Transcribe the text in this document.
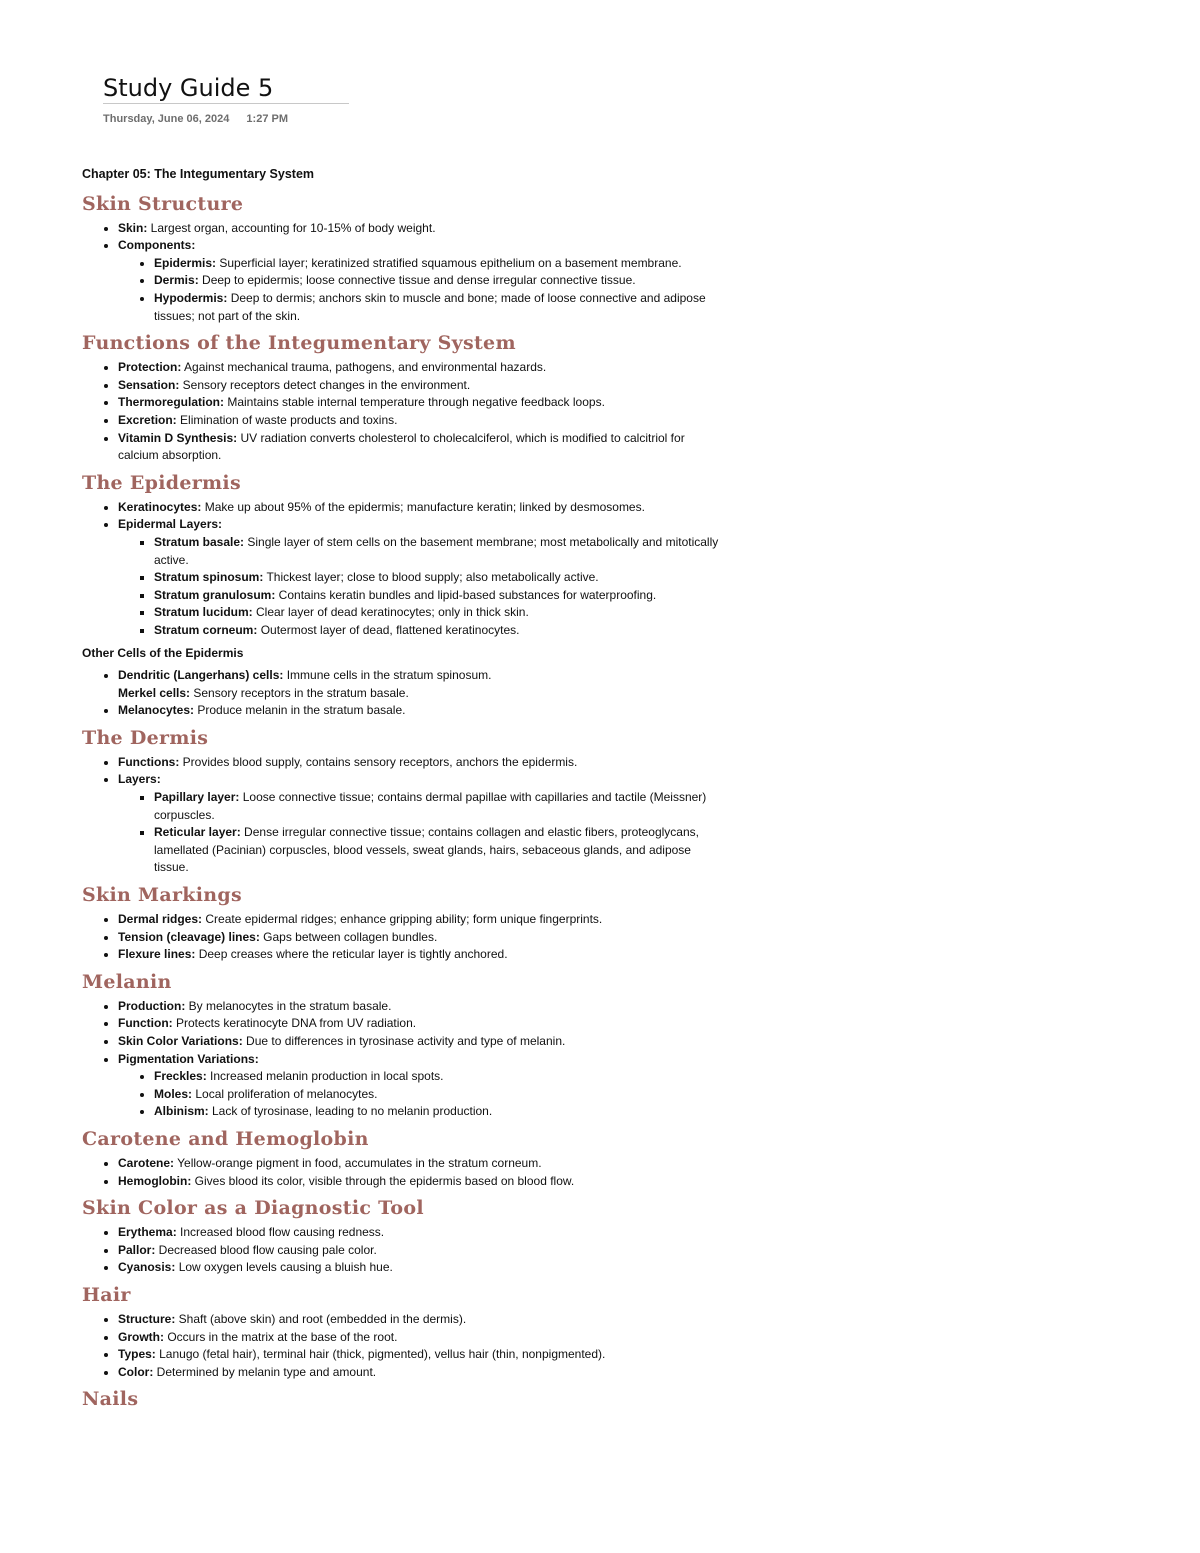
Study Guide 5
Thursday, June 06, 2024 1:27 PM
Chapter 05: The Integumentary System
Skin Structure
• Skin: Largest organ, accounting for 10-15% of body weight.
• Components:
• Epidermis: Superficial layer; keratinized stratified squamous epithelium on a basement membrane.
• Dermis: Deep to epidermis; loose connective tissue and dense irregular connective tissue.
• Hypodermis: Deep to dermis; anchors skin to muscle and bone; made of loose connective and adipose tissues; not part of the skin.
Functions of the Integumentary System
• Protection: Against mechanical trauma, pathogens, and environmental hazards.
• Sensation: Sensory receptors detect changes in the environment.
• Thermoregulation: Maintains stable internal temperature through negative feedback loops.
• Excretion: Elimination of waste products and toxins.
• Vitamin D Synthesis: UV radiation converts cholesterol to cholecalciferol, which is modified to calcitriol for calcium absorption.
The Epidermis
• Keratinocytes: Make up about 95% of the epidermis; manufacture keratin; linked by desmosomes.
• Epidermal Layers:
▪ Stratum basale: Single layer of stem cells on the basement membrane; most metabolically and mitotically active.
▪ Stratum spinosum: Thickest layer; close to blood supply; also metabolically active.
▪ Stratum granulosum: Contains keratin bundles and lipid-based substances for waterproofing.
▪ Stratum lucidum: Clear layer of dead keratinocytes; only in thick skin.
▪ Stratum corneum: Outermost layer of dead, flattened keratinocytes.
Other Cells of the Epidermis
• Dendritic (Langerhans) cells: Immune cells in the stratum spinosum.
Merkel cells: Sensory receptors in the stratum basale.
• Melanocytes: Produce melanin in the stratum basale.
The Dermis
• Functions: Provides blood supply, contains sensory receptors, anchors the epidermis.
• Layers:
▪ Papillary layer: Loose connective tissue; contains dermal papillae with capillaries and tactile (Meissner) corpuscles.
▪ Reticular layer: Dense irregular connective tissue; contains collagen and elastic fibers, proteoglycans, lamellated (Pacinian) corpuscles, blood vessels, sweat glands, hairs, sebaceous glands, and adipose tissue.
Skin Markings
• Dermal ridges: Create epidermal ridges; enhance gripping ability; form unique fingerprints.
• Tension (cleavage) lines: Gaps between collagen bundles.
• Flexure lines: Deep creases where the reticular layer is tightly anchored.
Melanin
• Production: By melanocytes in the stratum basale.
• Function: Protects keratinocyte DNA from UV radiation.
• Skin Color Variations: Due to differences in tyrosinase activity and type of melanin.
• Pigmentation Variations:
• Freckles: Increased melanin production in local spots.
• Moles: Local proliferation of melanocytes.
• Albinism: Lack of tyrosinase, leading to no melanin production.
Carotene and Hemoglobin
• Carotene: Yellow-orange pigment in food, accumulates in the stratum corneum.
• Hemoglobin: Gives blood its color, visible through the epidermis based on blood flow.
Skin Color as a Diagnostic Tool
• Erythema: Increased blood flow causing redness.
• Pallor: Decreased blood flow causing pale color.
• Cyanosis: Low oxygen levels causing a bluish hue.
Hair
• Structure: Shaft (above skin) and root (embedded in the dermis).
• Growth: Occurs in the matrix at the base of the root.
• Types: Lanugo (fetal hair), terminal hair (thick, pigmented), vellus hair (thin, nonpigmented).
• Color: Determined by melanin type and amount.
Nails
